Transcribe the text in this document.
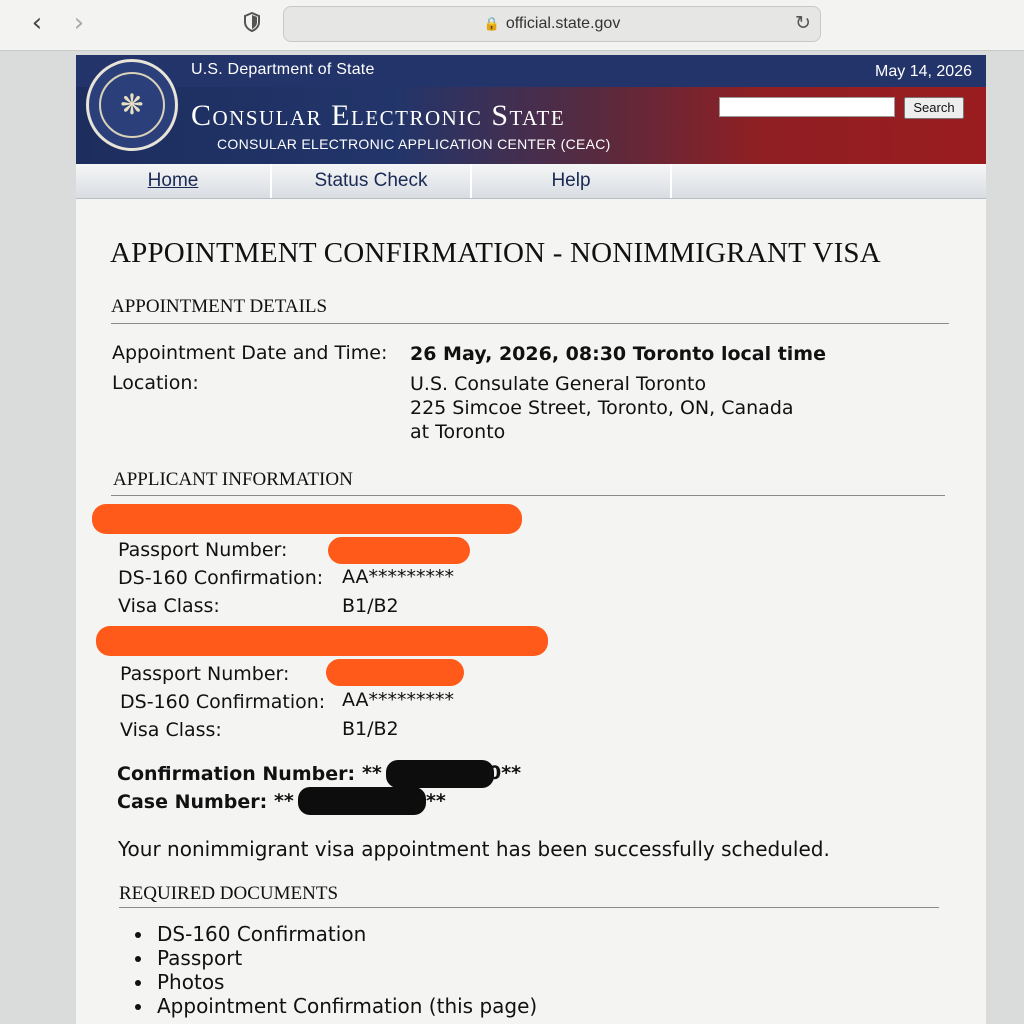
‹	›	🔒 official.state.gov	↻
U.S. Department of State	May 14, 2026
❋	Consular Electronic State
CONSULAR ELECTRONIC APPLICATION CENTER (CEAC)
Search
Home	Status Check	Help
APPOINTMENT CONFIRMATION - NONIMMIGRANT VISA
APPOINTMENT DETAILS
Appointment Date and Time: 26 May, 2026, 08:30 Toronto local time
Location:	U.S. Consulate General Toronto
225 Simcoe Street, Toronto, ON, Canada
at Toronto
APPLICANT INFORMATION
Passport Number:
DS-160 Confirmation: AA*********
Visa Class:	B1/B2
Passport Number:
DS-160 Confirmation: AA*********
Visa Class:	B1/B2
Confirmation Number: **	0**
Case Number: **	**
Your nonimmigrant visa appointment has been successfully scheduled.
REQUIRED DOCUMENTS
DS-160 Confirmation
Passport
Photos
Appointment Confirmation (this page)
